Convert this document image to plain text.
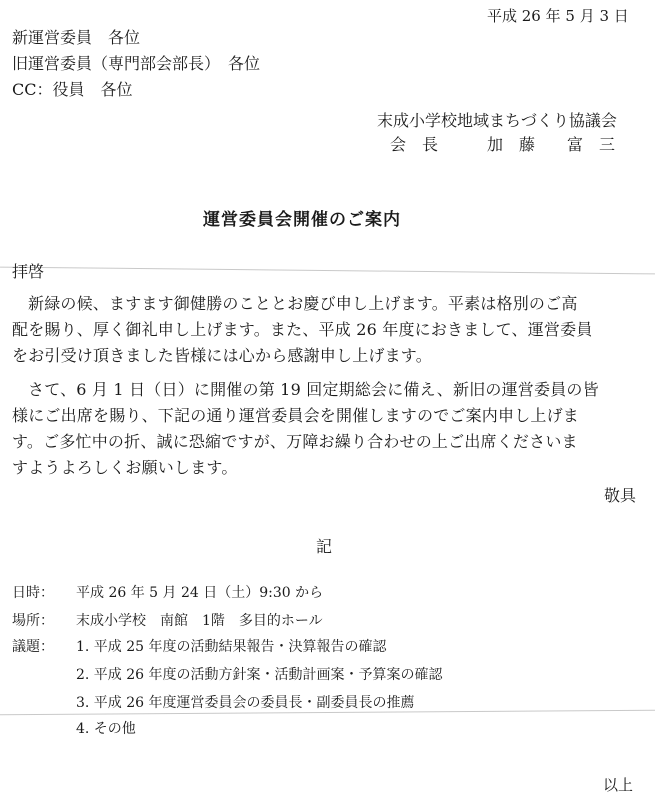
平成 26 年 5 月 3 日
新運営委員　各位
旧運営委員（専門部会部長）　各位
CC：役員　各位
末成小学校地域まちづくり協議会
会　長	加　藤　　富　三
運営委員会開催のご案内
拝啓
新緑の候、ますます御健勝のこととお慶び申し上げます。平素は格別のご高
配を賜り、厚く御礼申し上げます。また、平成 26 年度におきまして、運営委員
をお引受け頂きました皆様には心から感謝申し上げます。
さて、6 月 1 日（日）に開催の第 19 回定期総会に備え、新旧の運営委員の皆
様にご出席を賜り、下記の通り運営委員会を開催しますのでご案内申し上げま
す。ご多忙中の折、誠に恐縮ですが、万障お繰り合わせの上ご出席くださいま
すようよろしくお願いします。
敬具
記
日時： 平成 26 年 5 月 24 日（土）9:30 から
場所： 末成小学校　南館　1階　多目的ホール
議題： 1. 平成 25 年度の活動結果報告・決算報告の確認
2. 平成 26 年度の活動方針案・活動計画案・予算案の確認
3. 平成 26 年度運営委員会の委員長・副委員長の推薦
4. その他
以上
